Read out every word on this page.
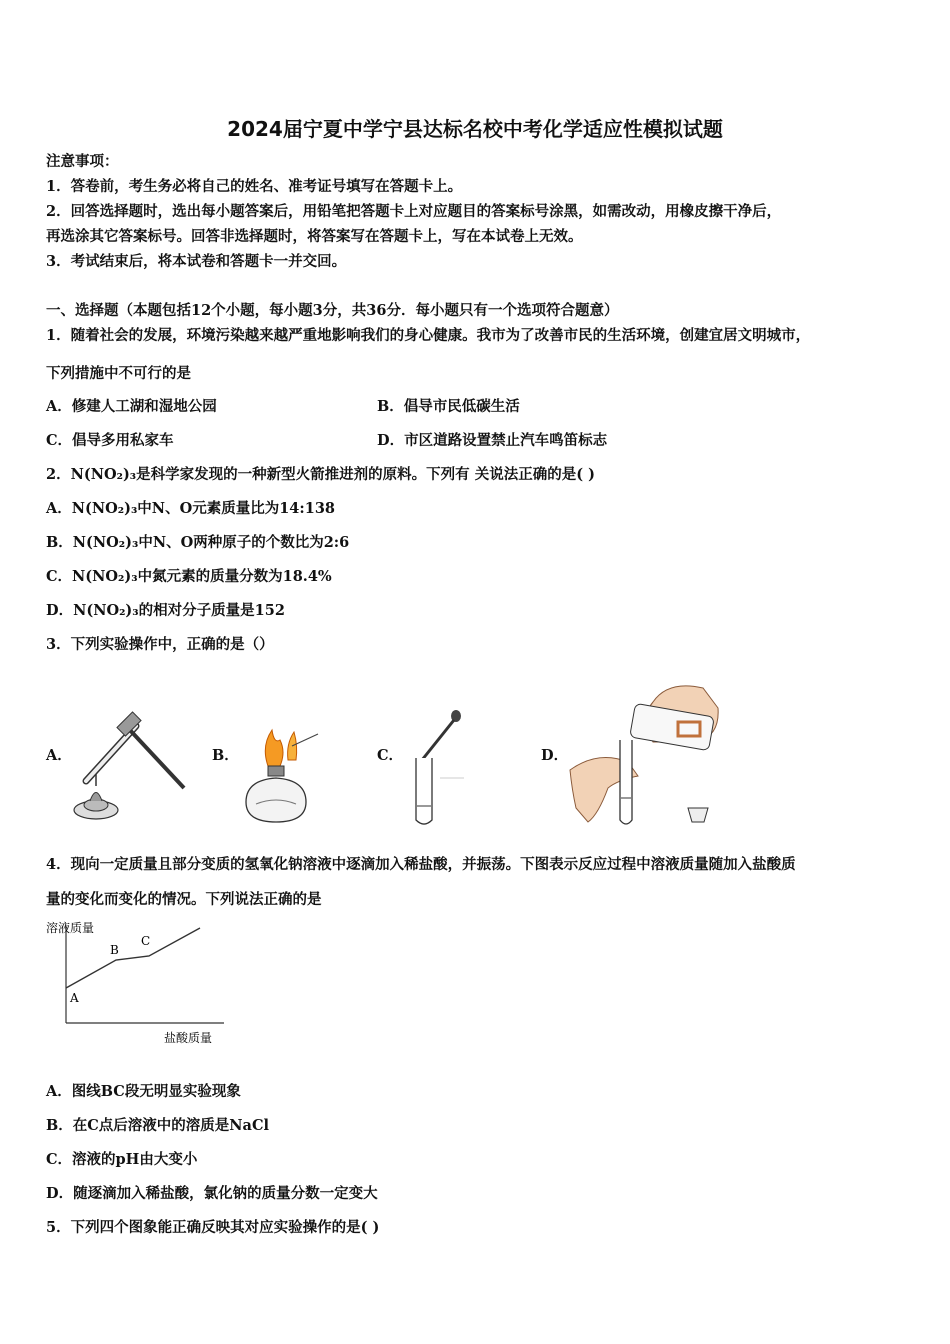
2024届宁夏中学宁县达标名校中考化学适应性模拟试题
注意事项：
1．答卷前，考生务必将自己的姓名、准考证号填写在答题卡上。
2．回答选择题时，选出每小题答案后，用铅笔把答题卡上对应题目的答案标号涂黑，如需改动，用橡皮擦干净后，
再选涂其它答案标号。回答非选择题时，将答案写在答题卡上，写在本试卷上无效。
3．考试结束后，将本试卷和答题卡一并交回。
一、选择题（本题包括12个小题，每小题3分，共36分．每小题只有一个选项符合题意）
1．随着社会的发展，环境污染越来越严重地影响我们的身心健康。我市为了改善市民的生活环境，创建宜居文明城市，
下列措施中不可行的是
A．修建人工湖和湿地公园	B．倡导市民低碳生活
C．倡导多用私家车	D．市区道路设置禁止汽车鸣笛标志
2．N(NO₂)₃是科学家发现的一种新型火箭推进剂的原料。下列有 关说法正确的是( )
A．N(NO₂)₃中N、O元素质量比为14:138
B．N(NO₂)₃中N、O两种原子的个数比为2:6
C．N(NO₂)₃中氮元素的质量分数为18.4%
D．N(NO₂)₃的相对分子质量是152
3．下列实验操作中，正确的是（）
A．	B．	C．	D．
4．现向一定质量且部分变质的氢氧化钠溶液中逐滴加入稀盐酸，并振荡。下图表示反应过程中溶液质量随加入盐酸质
量的变化而变化的情况。下列说法正确的是
溶液质量
A
B
C
盐酸质量
A．图线BC段无明显实验现象
B．在C点后溶液中的溶质是NaCl
C．溶液的pH由大变小
D．随逐滴加入稀盐酸，氯化钠的质量分数一定变大
5．下列四个图象能正确反映其对应实验操作的是( )
